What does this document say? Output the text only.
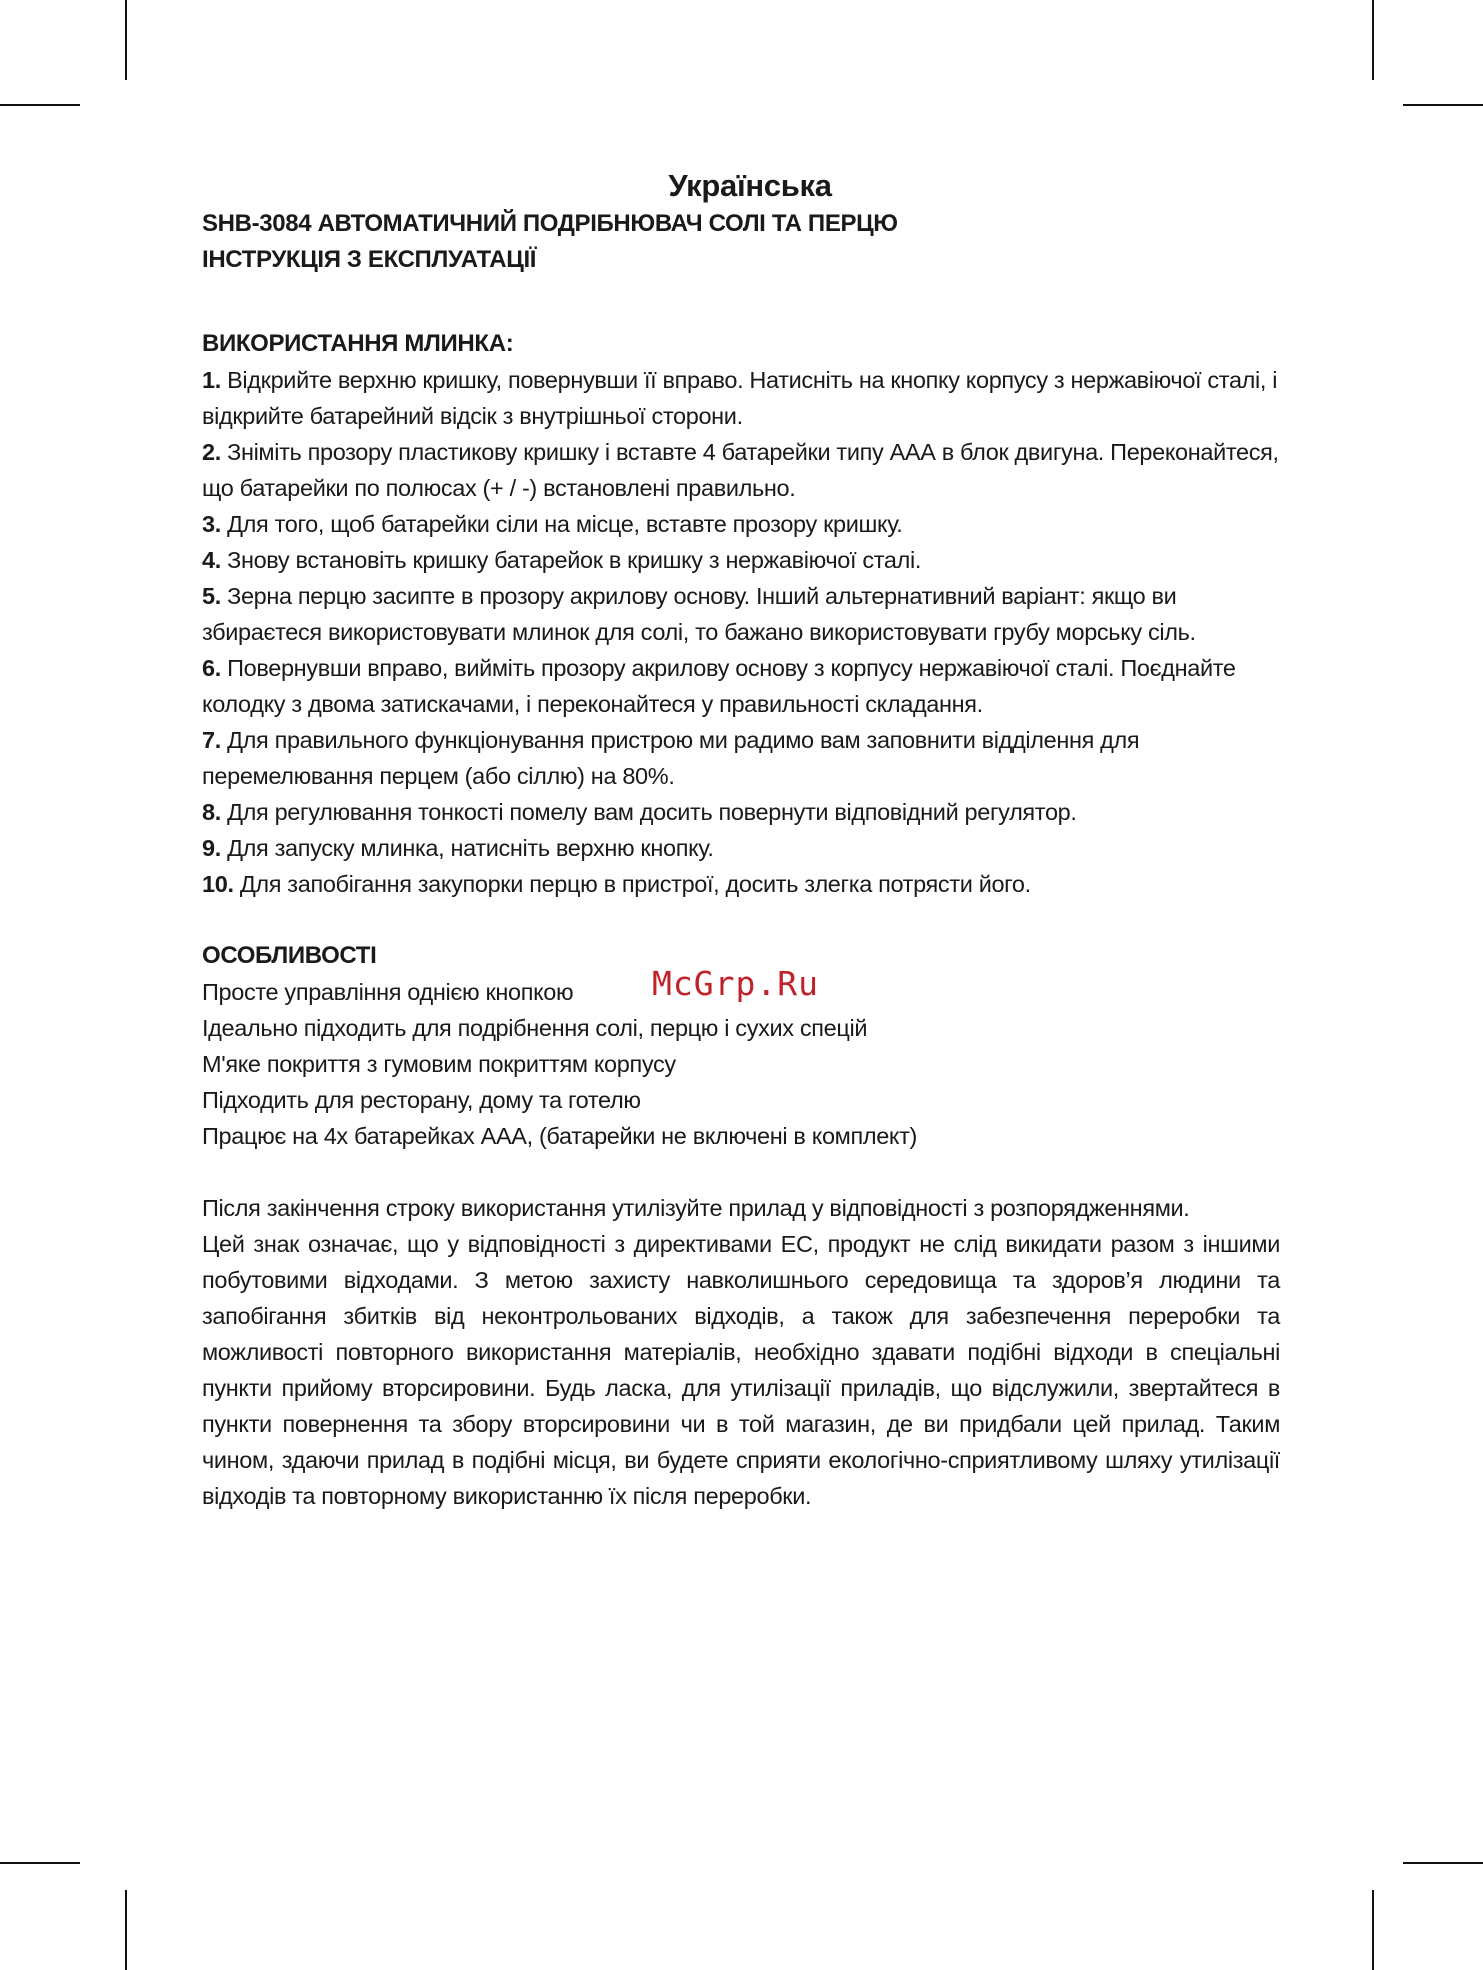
Українська

SHB-3084 АВТОМАТИЧНИЙ ПОДРІБНЮВАЧ СОЛІ ТА ПЕРЦЮ

ІНСТРУКЦІЯ З ЕКСПЛУАТАЦІЇ

ВИКОРИСТАННЯ МЛИНКА:

1. Відкрийте верхню кришку, повернувши її вправо. Натисніть на кнопку корпусу з нержавіючої сталі, і відкрийте батарейний відсік з внутрішньої сторони.

2. Зніміть прозору пластикову кришку і вставте 4 батарейки типу ААА в блок двигуна. Переконайтеся, що батарейки по полюсах (+ / -) встановлені правильно.

3. Для того, щоб батарейки сіли на місце, вставте прозору кришку.

4. Знову встановіть кришку батарейок в кришку з нержавіючої сталі.

5. Зерна перцю засипте в прозору акрилову основу. Інший альтернативний варіант: якщо ви збираєтеся використовувати млинок для солі, то бажано використовувати грубу морську сіль.

6. Повернувши вправо, вийміть прозору акрилову основу з корпусу нержавіючої сталі. Поєднайте колодку з двома затискачами, і переконайтеся у правильності складання.

7. Для правильного функціонування пристрою ми радимо вам заповнити відділення для перемелювання перцем (або сіллю) на 80%.

8. Для регулювання тонкості помелу вам досить повернути відповідний регулятор.

9. Для запуску млинка, натисніть верхню кнопку.

10. Для запобігання закупорки перцю в пристрої, досить злегка потрясти його.

ОСОБЛИВОСТІ

Просте управління однією кнопкою

Ідеально підходить для подрібнення солі, перцю і сухих спецій

М'яке покриття з гумовим покриттям корпусу

Підходить для ресторану, дому та готелю

Працює на 4х батарейках ААА, (батарейки не включені в комплект)

Після закінчення строку використання утилізуйте прилад у відповідності з розпорядженнями.

Цей знак означає, що у відповідності з директивами ЕС, продукт не слід викидати разом з іншими побутовими відходами. З метою захисту навколишнього середовища та здоров’я людини та запобігання збитків від неконтрольованих відходів, а також для забезпечення переробки та можливості повторного використання матеріалів, необхідно здавати подібні відходи в спеціальні пункти прийому вторсировини. Будь ласка, для утилізації приладів, що відслужили, звертайтеся в пункти повернення та збору вторсировини чи в той магазин, де ви придбали цей прилад. Таким чином, здаючи прилад в подібні місця, ви будете сприяти екологічно-сприятливому шляху утилізації відходів та повторному використанню їх після переробки.

McGrp.Ru
